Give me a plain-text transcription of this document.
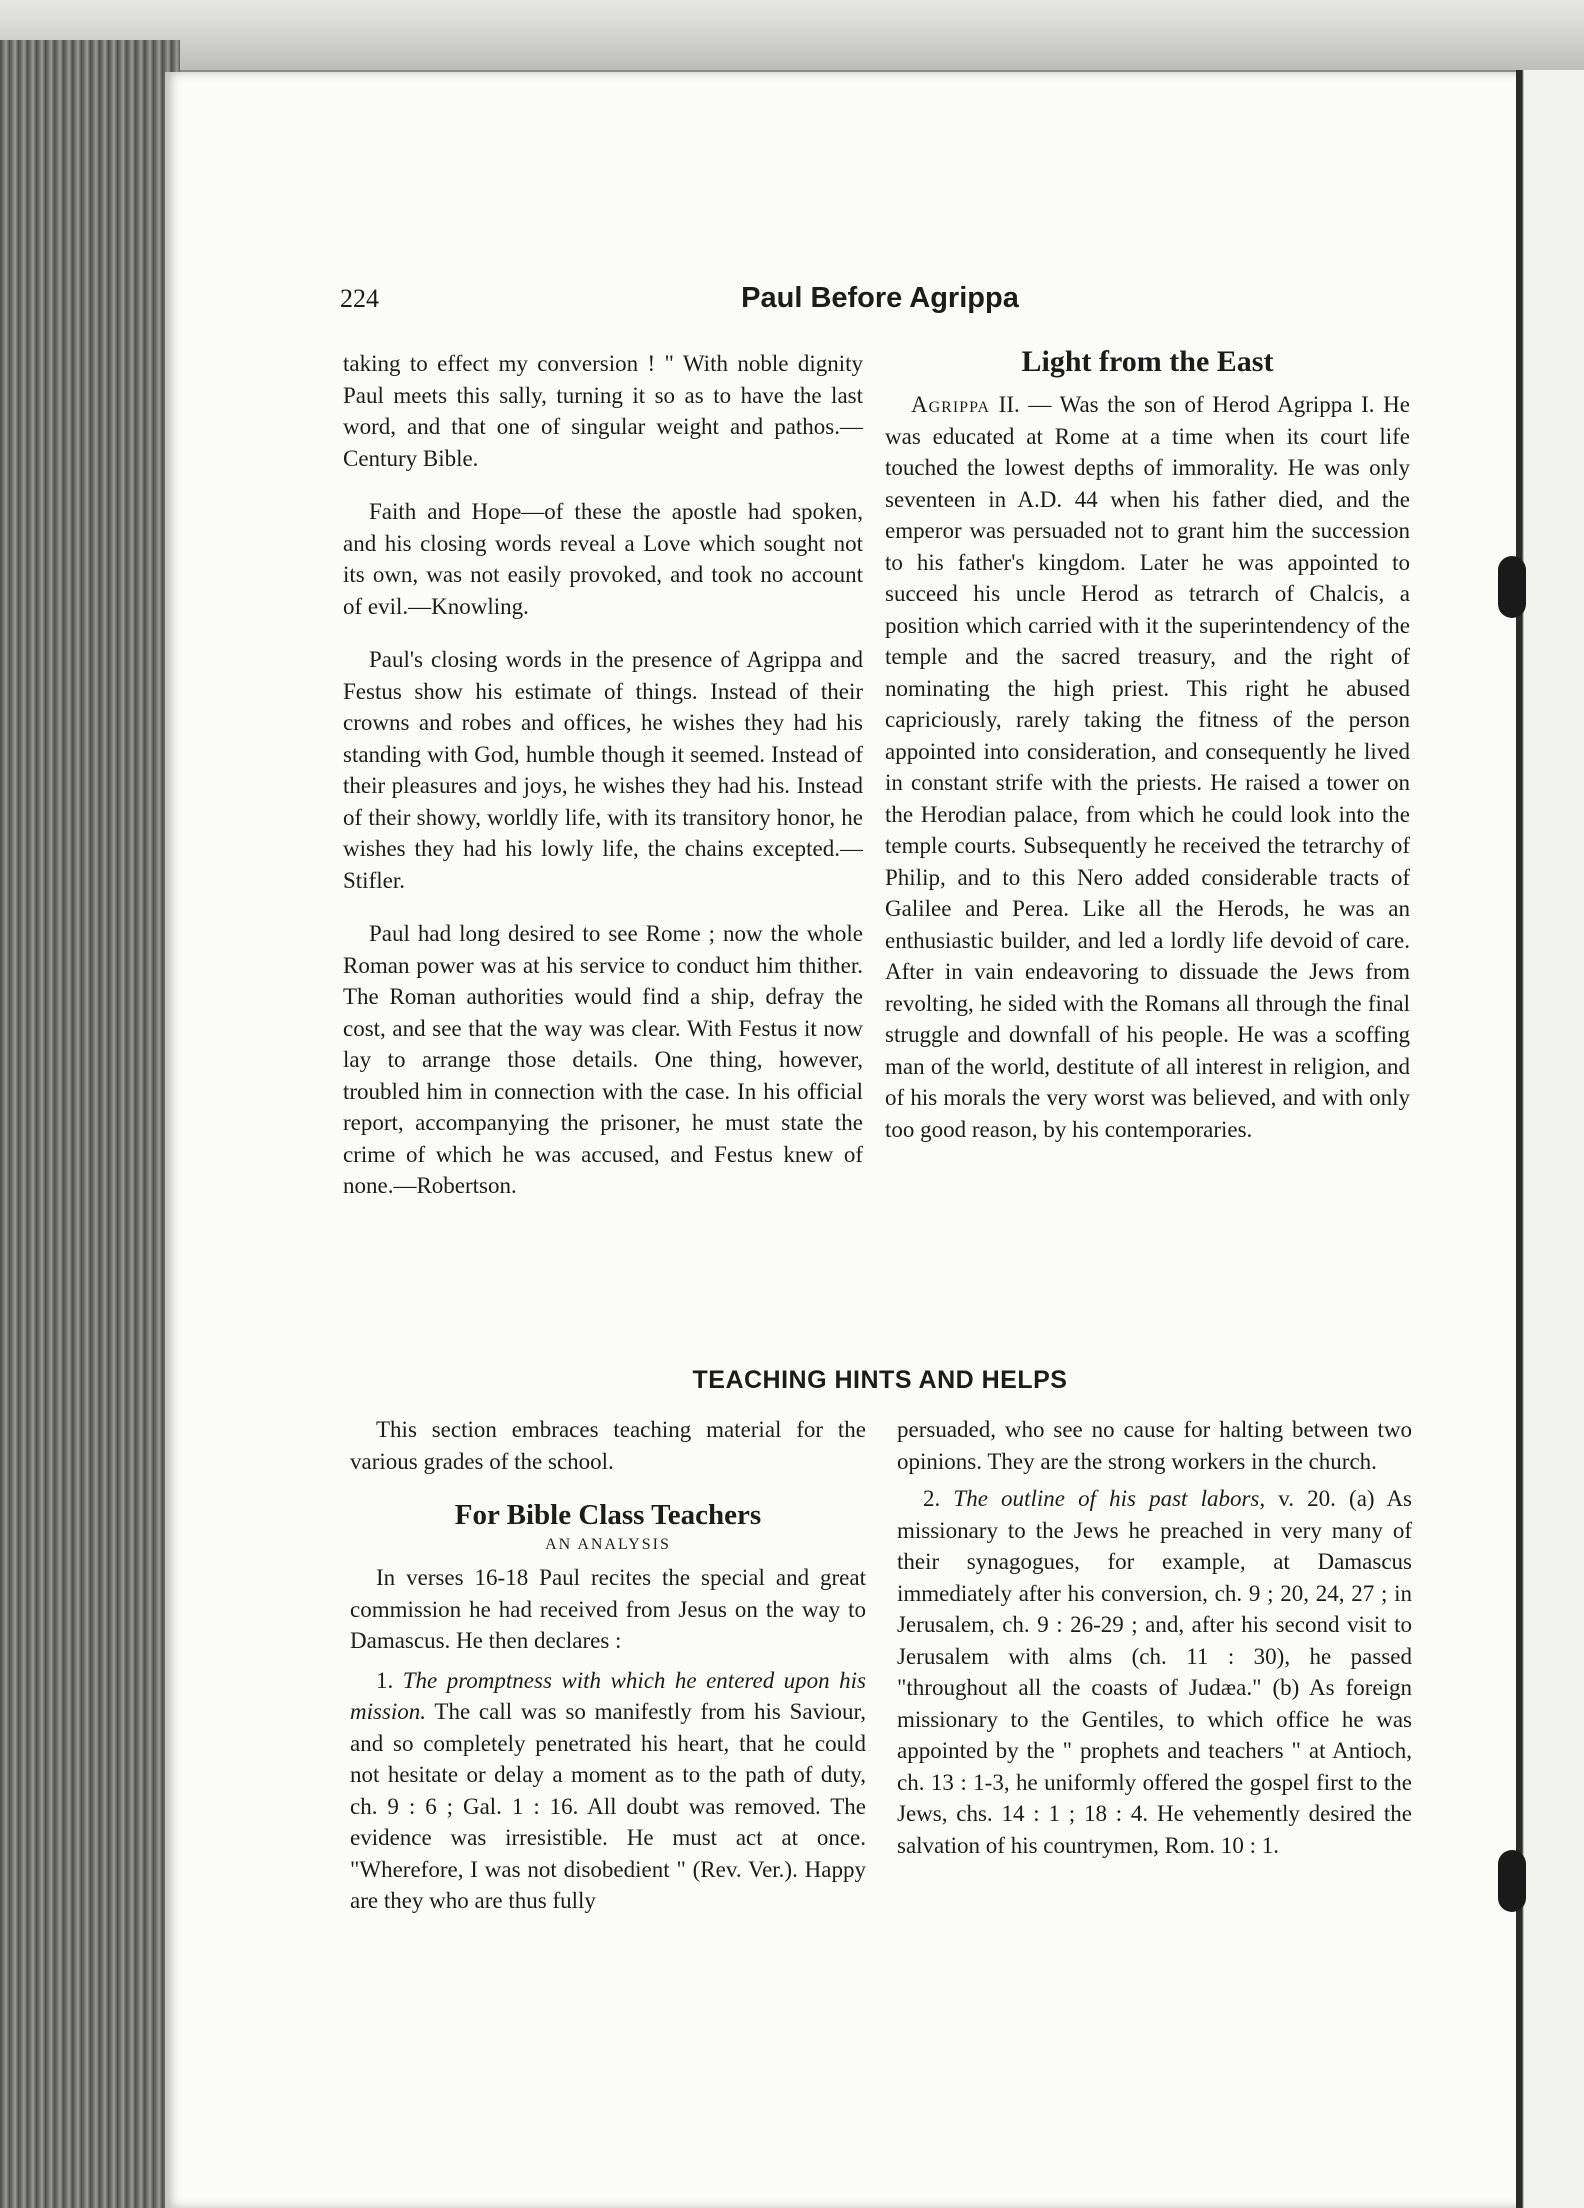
224	Paul Before Agrippa

taking to effect my conversion ! " With noble dignity Paul meets this sally, turning it so as to have the last word, and that one of singular weight and pathos.—Century Bible.

Faith and Hope—of these the apostle had spoken, and his closing words reveal a Love which sought not its own, was not easily provoked, and took no account of evil.—Knowling.

Paul's closing words in the presence of Agrippa and Festus show his estimate of things. Instead of their crowns and robes and offices, he wishes they had his standing with God, humble though it seemed. Instead of their pleasures and joys, he wishes they had his. Instead of their showy, worldly life, with its transitory honor, he wishes they had his lowly life, the chains excepted.—Stifler.

Paul had long desired to see Rome ; now the whole Roman power was at his service to conduct him thither. The Roman authorities would find a ship, defray the cost, and see that the way was clear. With Festus it now lay to arrange those details. One thing, however, troubled him in connection with the case. In his official report, accompanying the prisoner, he must state the crime of which he was accused, and Festus knew of none.—Robertson.

Light from the East

Agrippa II. — Was the son of Herod Agrippa I. He was educated at Rome at a time when its court life touched the lowest depths of immorality. He was only seventeen in A.D. 44 when his father died, and the emperor was persuaded not to grant him the succession to his father's kingdom. Later he was appointed to succeed his uncle Herod as tetrarch of Chalcis, a position which carried with it the superintendency of the temple and the sacred treasury, and the right of nominating the high priest. This right he abused capriciously, rarely taking the fitness of the person appointed into consideration, and consequently he lived in constant strife with the priests. He raised a tower on the Herodian palace, from which he could look into the temple courts. Subsequently he received the tetrarchy of Philip, and to this Nero added considerable tracts of Galilee and Perea. Like all the Herods, he was an enthusiastic builder, and led a lordly life devoid of care. After in vain endeavoring to dissuade the Jews from revolting, he sided with the Romans all through the final struggle and downfall of his people. He was a scoffing man of the world, destitute of all interest in religion, and of his morals the very worst was believed, and with only too good reason, by his contemporaries.

TEACHING HINTS AND HELPS

This section embraces teaching material for the various grades of the school.

For Bible Class Teachers
AN ANALYSIS

In verses 16-18 Paul recites the special and great commission he had received from Jesus on the way to Damascus. He then declares :

1. The promptness with which he entered upon his mission. The call was so manifestly from his Saviour, and so completely penetrated his heart, that he could not hesitate or delay a moment as to the path of duty, ch. 9 : 6 ; Gal. 1 : 16. All doubt was removed. The evidence was irresistible. He must act at once. "Wherefore, I was not disobedient " (Rev. Ver.). Happy are they who are thus fully

persuaded, who see no cause for halting between two opinions. They are the strong workers in the church.

2. The outline of his past labors, v. 20. (a) As missionary to the Jews he preached in very many of their synagogues, for example, at Damascus immediately after his conversion, ch. 9 ; 20, 24, 27 ; in Jerusalem, ch. 9 : 26-29 ; and, after his second visit to Jerusalem with alms (ch. 11 : 30), he passed "throughout all the coasts of Judæa." (b) As foreign missionary to the Gentiles, to which office he was appointed by the " prophets and teachers " at Antioch, ch. 13 : 1-3, he uniformly offered the gospel first to the Jews, chs. 14 : 1 ; 18 : 4. He vehemently desired the salvation of his countrymen, Rom. 10 : 1.
